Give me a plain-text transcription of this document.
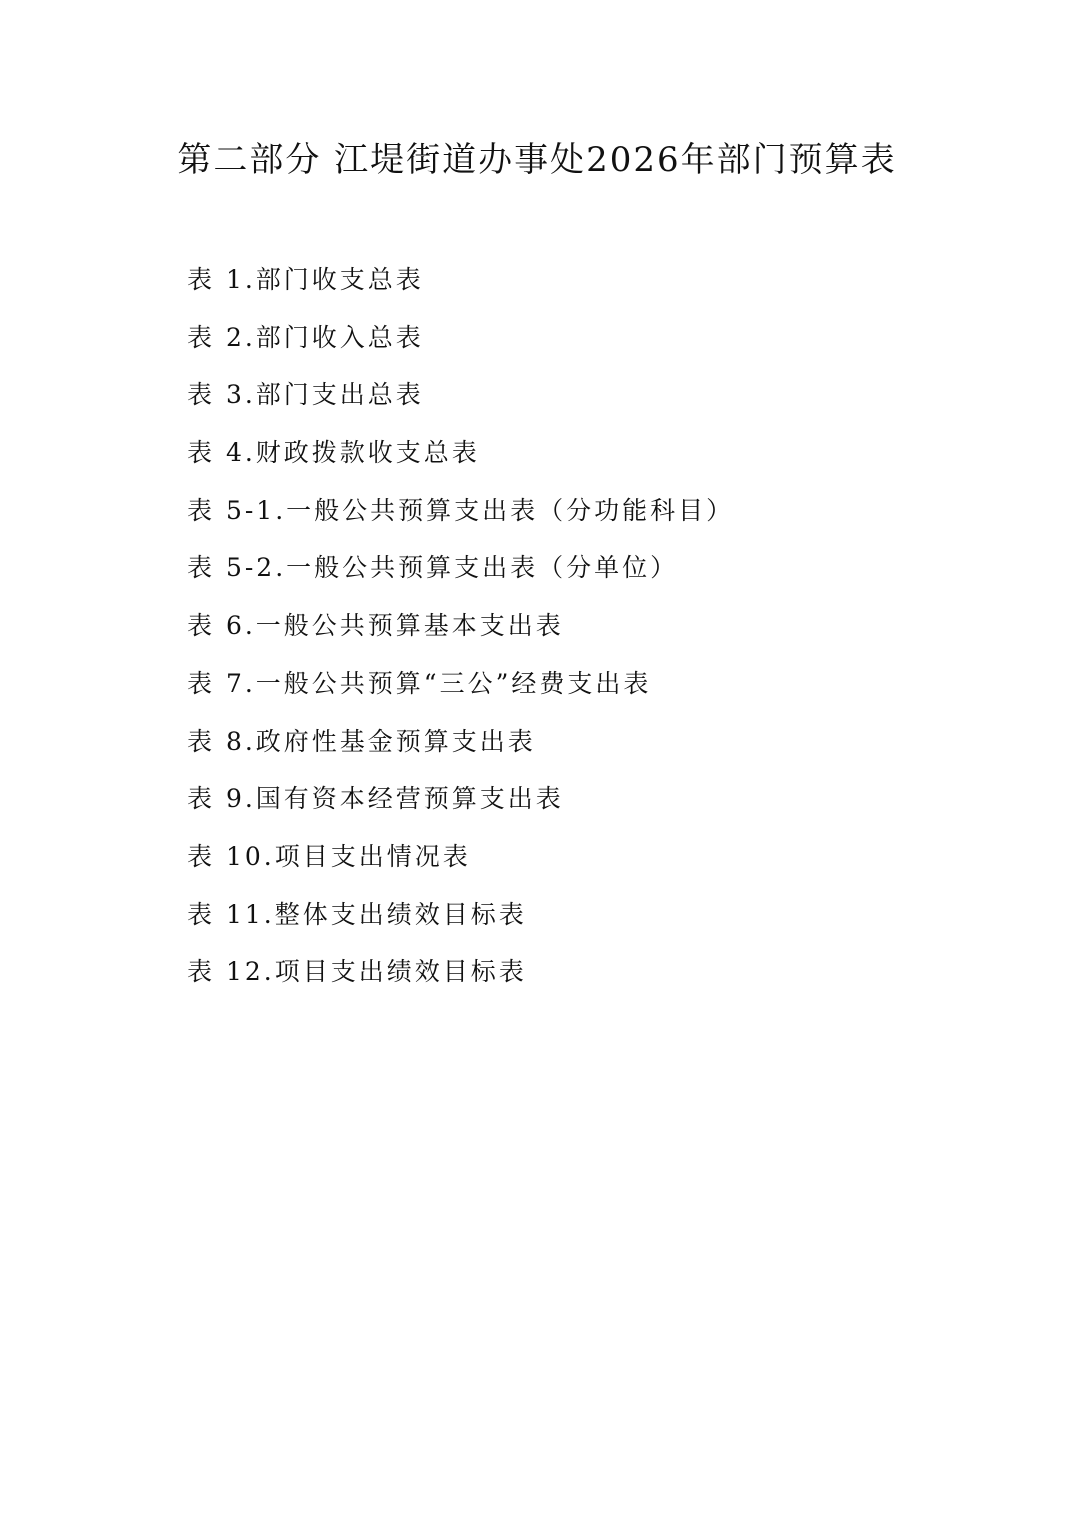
第二部分 江堤街道办事处2026年部门预算表
表 1.部门收支总表
表 2.部门收入总表
表 3.部门支出总表
表 4.财政拨款收支总表
表 5-1.一般公共预算支出表（分功能科目）
表 5-2.一般公共预算支出表（分单位）
表 6.一般公共预算基本支出表
表 7.一般公共预算“三公”经费支出表
表 8.政府性基金预算支出表
表 9.国有资本经营预算支出表
表 10.项目支出情况表
表 11.整体支出绩效目标表
表 12.项目支出绩效目标表
